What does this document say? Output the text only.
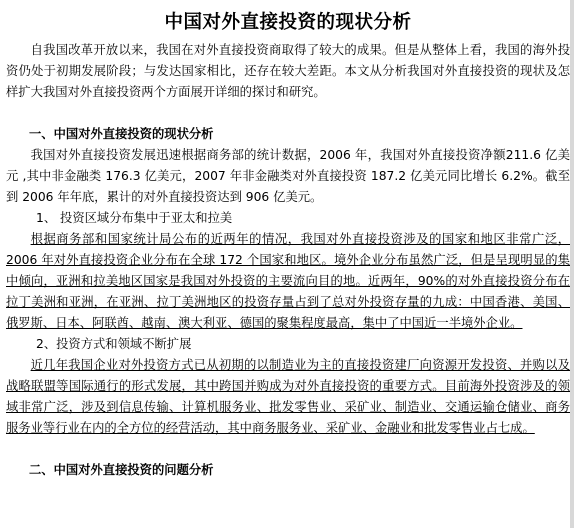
中国对外直接投资的现状分析

自我国改革开放以来，我国在对外直接投资商取得了较大的成果。但是从整体上看，我国的海外投资仍处于初期发展阶段；与发达国家相比，还存在较大差距。本文从分析我国对外直接投资的现状及怎样扩大我国对外直接投资两个方面展开详细的探讨和研究。

一、中国对外直接投资的现状分析

我国对外直接投资发展迅速根据商务部的统计数据，2006 年，我国对外直接投资净额211.6 亿美元 ,其中非金融类 176.3 亿美元，2007 年非金融类对外直接投资 187.2 亿美元同比增长 6.2%。截至到 2006 年年底，累计的对外直接投资达到 906 亿美元。

1、 投资区域分布集中于亚太和拉美

根据商务部和国家统计局公布的近两年的情况，我国对外直接投资涉及的国家和地区非常广泛，2006 年对外直接投资企业分布在全球 172 个国家和地区。境外企业分布虽然广泛，但是呈现明显的集中倾向，亚洲和拉美地区国家是我国对外投资的主要流向目的地。近两年，90%的对外直接投资分布在拉丁美洲和亚洲，在亚洲、拉丁美洲地区的投资存量占到了总对外投资存量的九成：中国香港、美国、俄罗斯、日本、阿联酋、越南、澳大利亚、德国的聚集程度最高，集中了中国近一半境外企业。

2、投资方式和领域不断扩展

近几年我国企业对外投资方式已从初期的以制造业为主的直接投资建厂向资源开发投资、并购以及战略联盟等国际通行的形式发展，其中跨国并购成为对外直接投资的重要方式。目前海外投资涉及的领域非常广泛，涉及到信息传输、计算机服务业、批发零售业、采矿业、制造业、交通运输仓储业、商务服务业等行业在内的全方位的经营活动，其中商务服务业、采矿业、金融业和批发零售业占七成。

二、中国对外直接投资的问题分析
